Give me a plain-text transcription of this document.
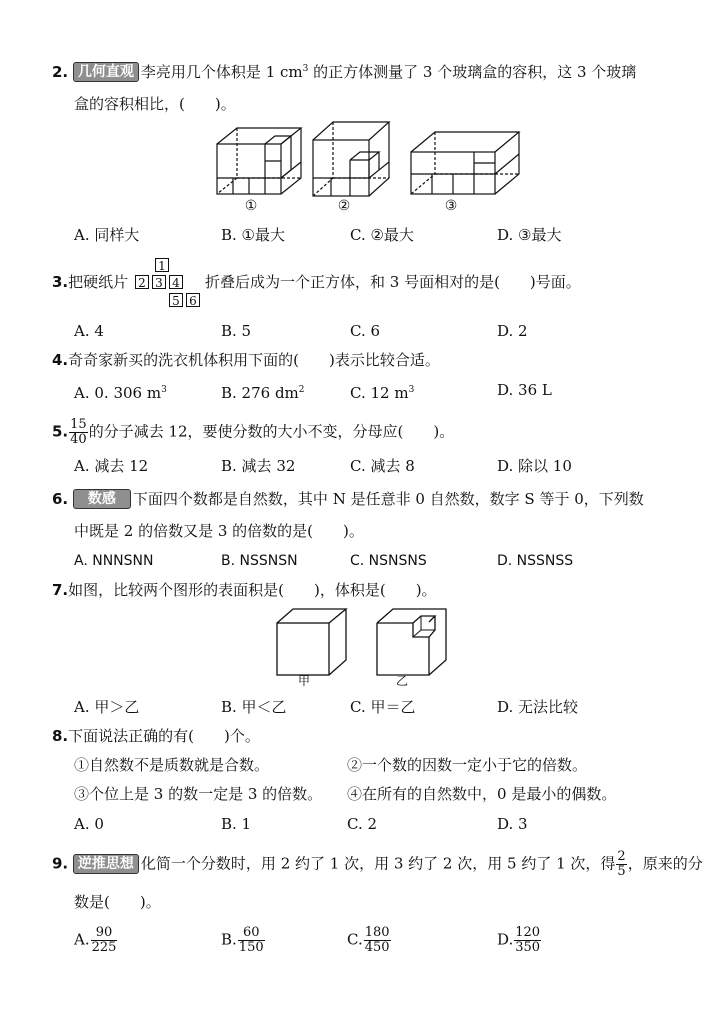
2. 几何直观 李亮用几个体积是 1 $cm^3$ 的正方体测量了 3 个玻璃盒的容积，这 3 个玻璃
盒的容积相比，(　　)。
①	②	③
A. 同样大	B. ①最大	C. ②最大	D. ③最大
3.把硬纸片
1
2 3 4
5 6
折叠后成为一个正方体，和 3 号面相对的是(　　)号面。
A. 4	B. 5	C. 6	D. 2
4.奇奇家新买的洗衣机体积用下面的(　　)表示比较合适。
A. 0. 306 $m^3$	B. 276 $dm^2$	C. 12 $m^3$	D. 36 L
5. $\frac{15}{40}$ 的分子减去 12，要使分数的大小不变，分母应(　　)。
A. 减去 12	B. 减去 32	C. 减去 8	D. 除以 10
6. 数感 下面四个数都是自然数，其中 N 是任意非 0 自然数，数字 S 等于 0，下列数
中既是 2 的倍数又是 3 的倍数的是(　　)。
A. NNNSNN	B. NSSNSN	C. NSNSNS	D. NSSNSS
7.如图，比较两个图形的表面积是(　　)，体积是(　　)。
甲	乙
A. 甲＞乙	B. 甲＜乙	C. 甲＝乙	D. 无法比较
8.下面说法正确的有(　　)个。
①自然数不是质数就是合数。	②一个数的因数一定小于它的倍数。
③个位上是 3 的数一定是 3 的倍数。 ④在所有的自然数中，0 是最小的偶数。
A. 0	B. 1	C. 2	D. 3
9. 逆推思想 化简一个分数时，用 2 约了 1 次，用 3 约了 2 次，用 5 约了 1 次，得 $\frac{2}{5}$ ，原来的分
数是(　　)。
A. $\frac{90}{225}$	B. $\frac{60}{150}$	C. $\frac{180}{450}$	D. $\frac{120}{350}$
